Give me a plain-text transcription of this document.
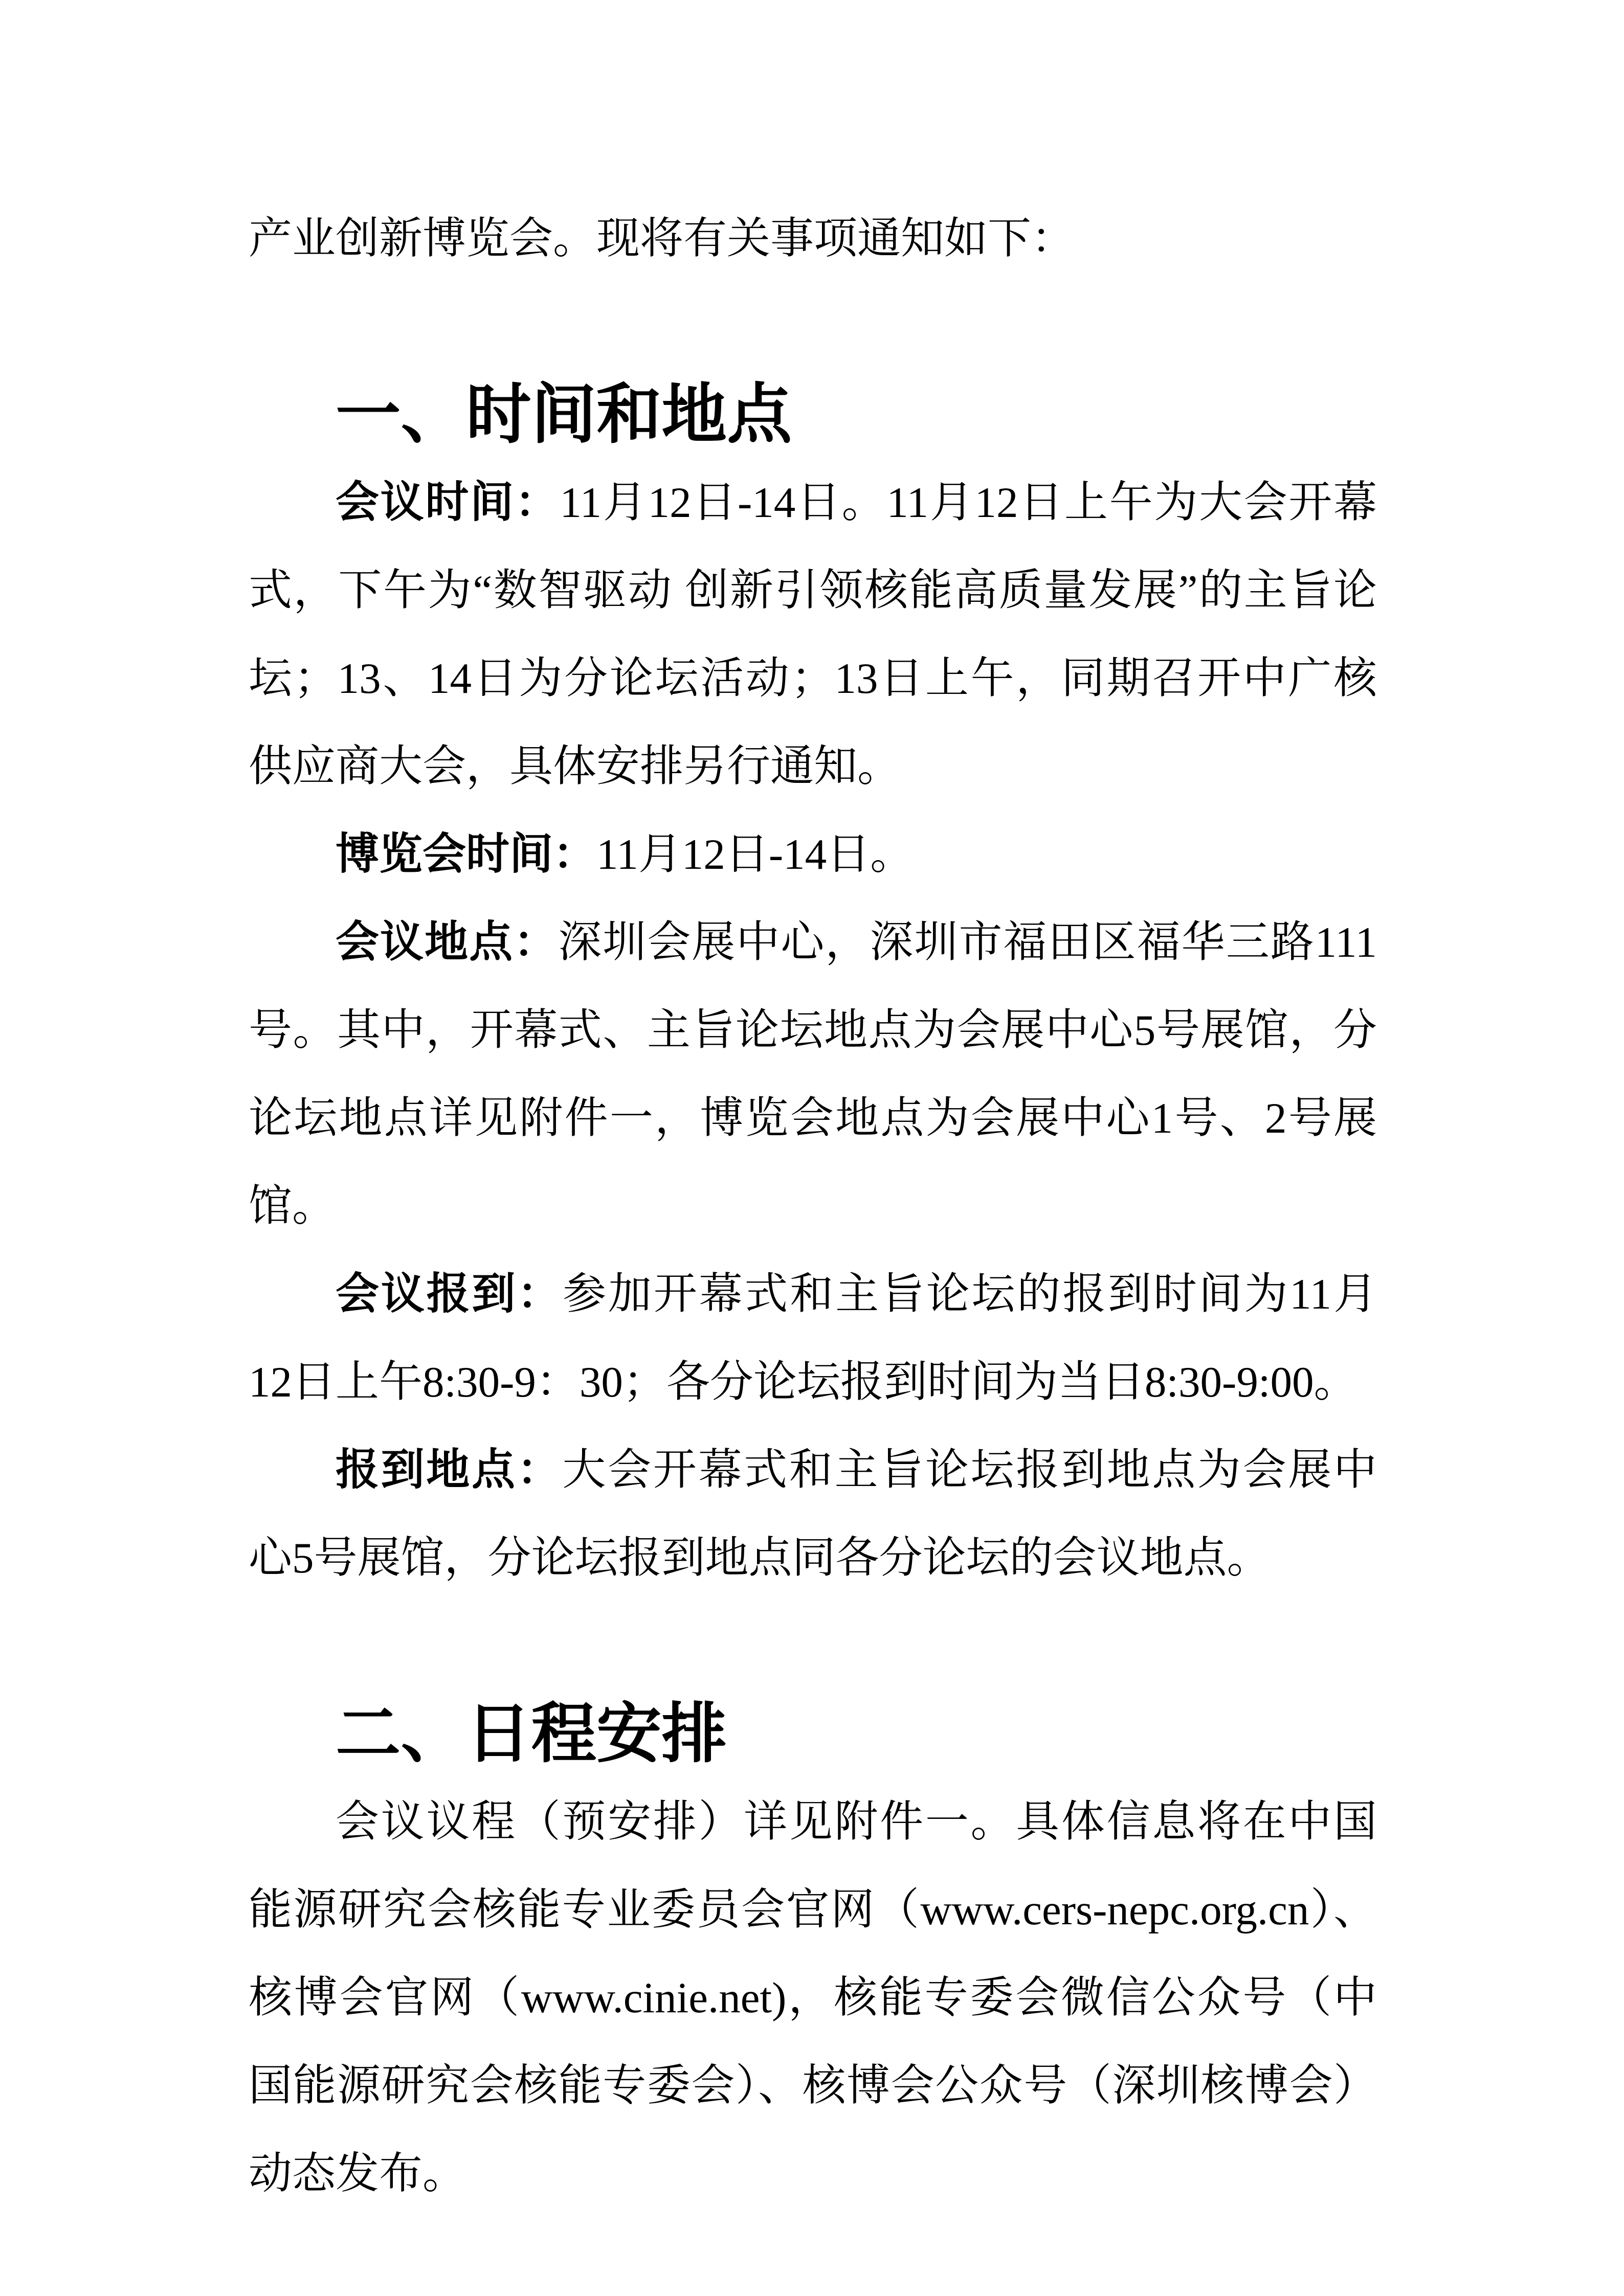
产业创新博览会。现将有关事项通知如下：

一、时间和地点

会议时间：11月12日-14日。11月12日上午为大会开幕式，下午为“数智驱动 创新引领核能高质量发展”的主旨论坛；13、14日为分论坛活动；13日上午，同期召开中广核供应商大会，具体安排另行通知。

博览会时间：11月12日-14日。

会议地点：深圳会展中心，深圳市福田区福华三路111号。其中，开幕式、主旨论坛地点为会展中心5号展馆，分论坛地点详见附件一，博览会地点为会展中心1号、2号展馆。

会议报到：参加开幕式和主旨论坛的报到时间为11月12日上午8:30-9：30；各分论坛报到时间为当日8:30-9:00。

报到地点：大会开幕式和主旨论坛报到地点为会展中心5号展馆，分论坛报到地点同各分论坛的会议地点。

二、日程安排

会议议程（预安排）详见附件一。具体信息将在中国能源研究会核能专业委员会官网（www.cers-nepc.org.cn）、核博会官网（www.cinie.net)，核能专委会微信公众号（中国能源研究会核能专委会）、核博会公众号（深圳核博会）动态发布。
